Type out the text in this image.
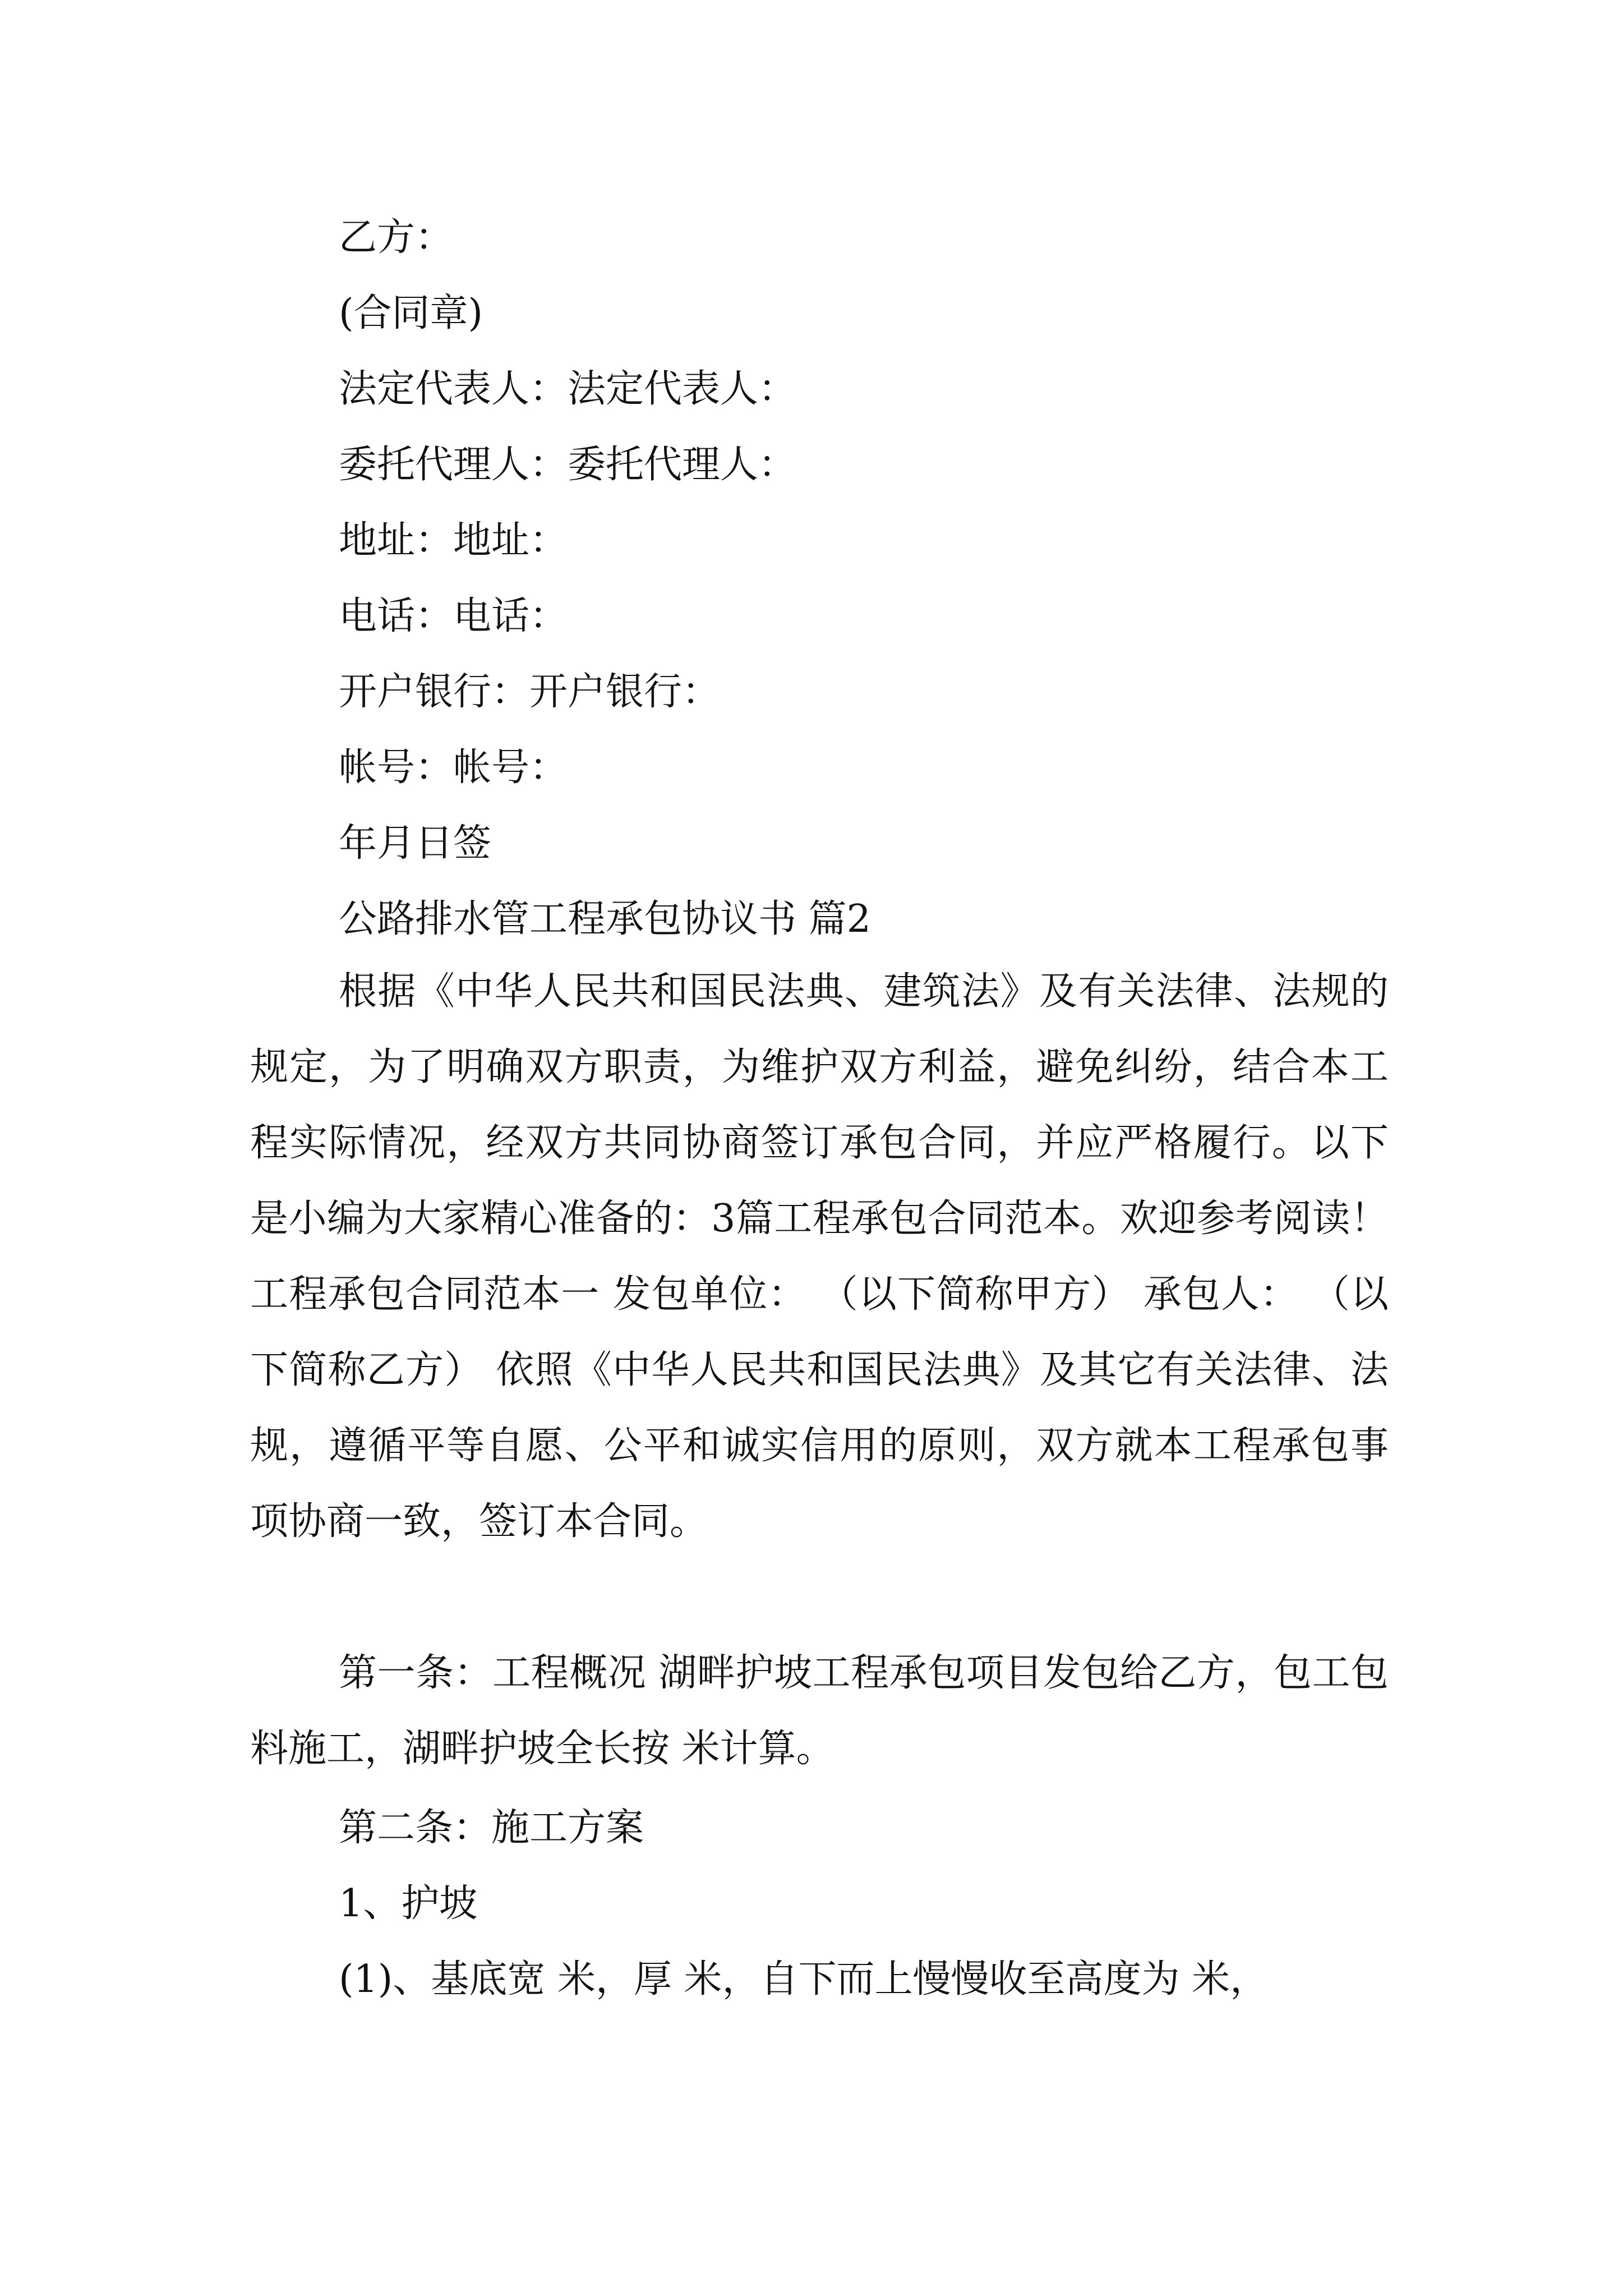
乙方：
(合同章)
法定代表人：法定代表人：
委托代理人：委托代理人：
地址：地址：
电话：电话：
开户银行：开户银行：
帐号：帐号：
年月日签
公路排水管工程承包协议书 篇2

根据《中华人民共和国民法典、建筑法》及有关法律、法规的规定，为了明确双方职责，为维护双方利益，避免纠纷，结合本工程实际情况，经双方共同协商签订承包合同，并应严格履行。以下是小编为大家精心准备的：3篇工程承包合同范本。欢迎参考阅读！工程承包合同范本一 发包单位： （以下简称甲方） 承包人： （以下简称乙方） 依照《中华人民共和国民法典》及其它有关法律、法规，遵循平等自愿、公平和诚实信用的原则，双方就本工程承包事项协商一致，签订本合同。

第一条：工程概况 湖畔护坡工程承包项目发包给乙方，包工包料施工，湖畔护坡全长按 米计算。

第二条：施工方案
1、护坡
(1)、基底宽 米，厚 米，自下而上慢慢收至高度为 米，
